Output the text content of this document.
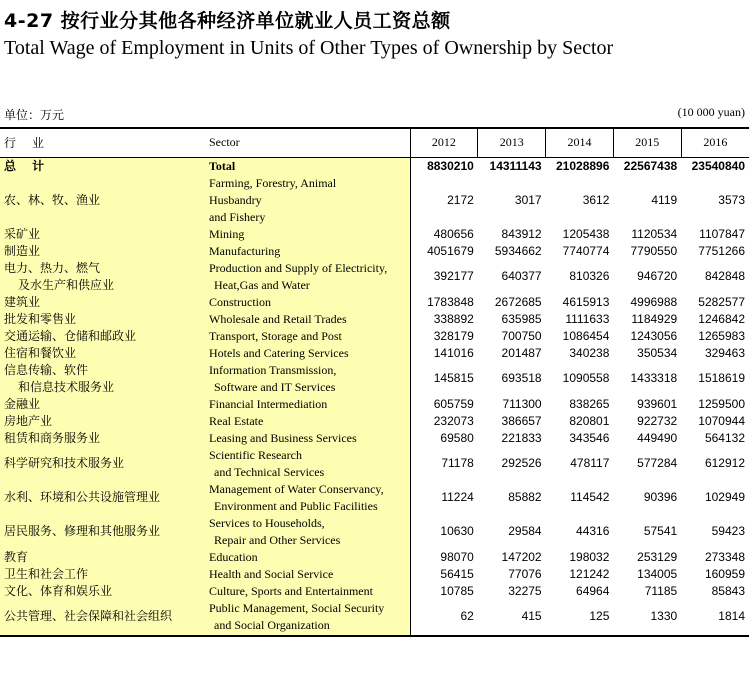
4-27 按行业分其他各种经济单位就业人员工资总额
Total Wage of Employment in Units of Other Types of Ownership by Sector
单位：万元	(10 000 yuan)
行 业	Sector	2012	2013	2014	2015	2016

总 计	Total	8830210	14311143	21028896	22567438	23540840

农、林、牧、渔业	Farming, Forestry, Animal
Husbandry
and Fishery	2172	3017	3612	4119	3573

采矿业	Mining	480656	843912	1205438	1120534	1107847

制造业	Manufacturing	4051679	5934662	7740774	7790550	7751266

电力、热力、燃气
及水生产和供应业	Production and Supply of Electricity,
Heat,Gas and Water	392177	640377	810326	946720	842848

建筑业	Construction	1783848	2672685	4615913	4996988	5282577

批发和零售业	Wholesale and Retail Trades	338892	635985	1111633	1184929	1246842

交通运输、仓储和邮政业	Transport, Storage and Post	328179	700750	1086454	1243056	1265983

住宿和餐饮业	Hotels and Catering Services	141016	201487	340238	350534	329463

信息传输、软件
和信息技术服务业	Information Transmission,
Software and IT Services	145815	693518	1090558	1433318	1518619

金融业	Financial Intermediation	605759	711300	838265	939601	1259500

房地产业	Real Estate	232073	386657	820801	922732	1070944

租赁和商务服务业	Leasing and Business Services	69580	221833	343546	449490	564132

科学研究和技术服务业	Scientific Research
and Technical Services	71178	292526	478117	577284	612912

水利、环境和公共设施管理业	Management of Water Conservancy,
Environment and Public Facilities	11224	85882	114542	90396	102949

居民服务、修理和其他服务业	Services to Households,
Repair and Other Services	10630	29584	44316	57541	59423

教育	Education	98070	147202	198032	253129	273348

卫生和社会工作	Health and Social Service	56415	77076	121242	134005	160959

文化、体育和娱乐业	Culture, Sports and Entertainment	10785	32275	64964	71185	85843

公共管理、社会保障和社会组织	Public Management, Social Security
and Social Organization	62	415	125	1330	1814
